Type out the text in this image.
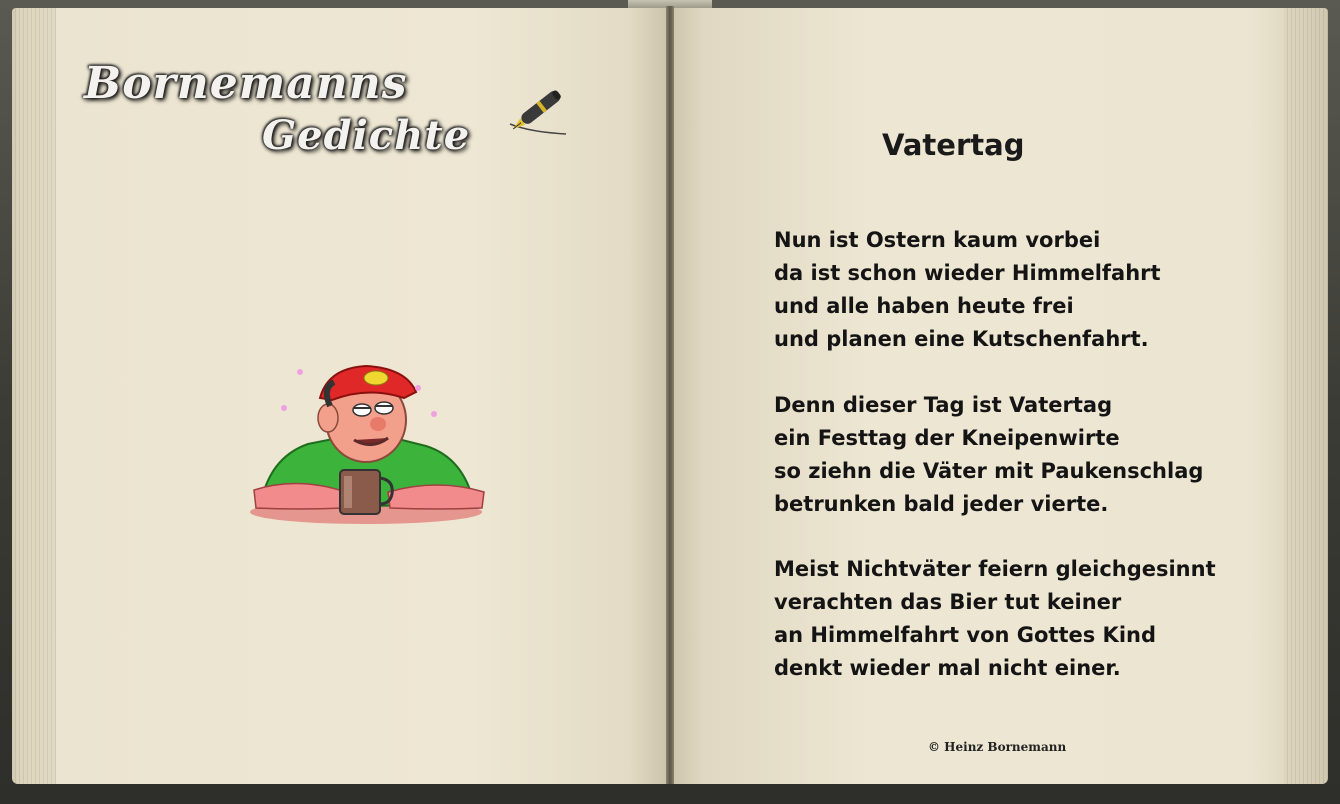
Bornemanns
Gedichte	Vatertag
Nun ist Ostern kaum vorbei
da ist schon wieder Himmelfahrt
und alle haben heute frei
und planen eine Kutschenfahrt.
Denn dieser Tag ist Vatertag
ein Festtag der Kneipenwirte
so ziehn die Väter mit Paukenschlag
betrunken bald jeder vierte.
Meist Nichtväter feiern gleichgesinnt
verachten das Bier tut keiner
an Himmelfahrt von Gottes Kind
denkt wieder mal nicht einer.
© Heinz Bornemann
